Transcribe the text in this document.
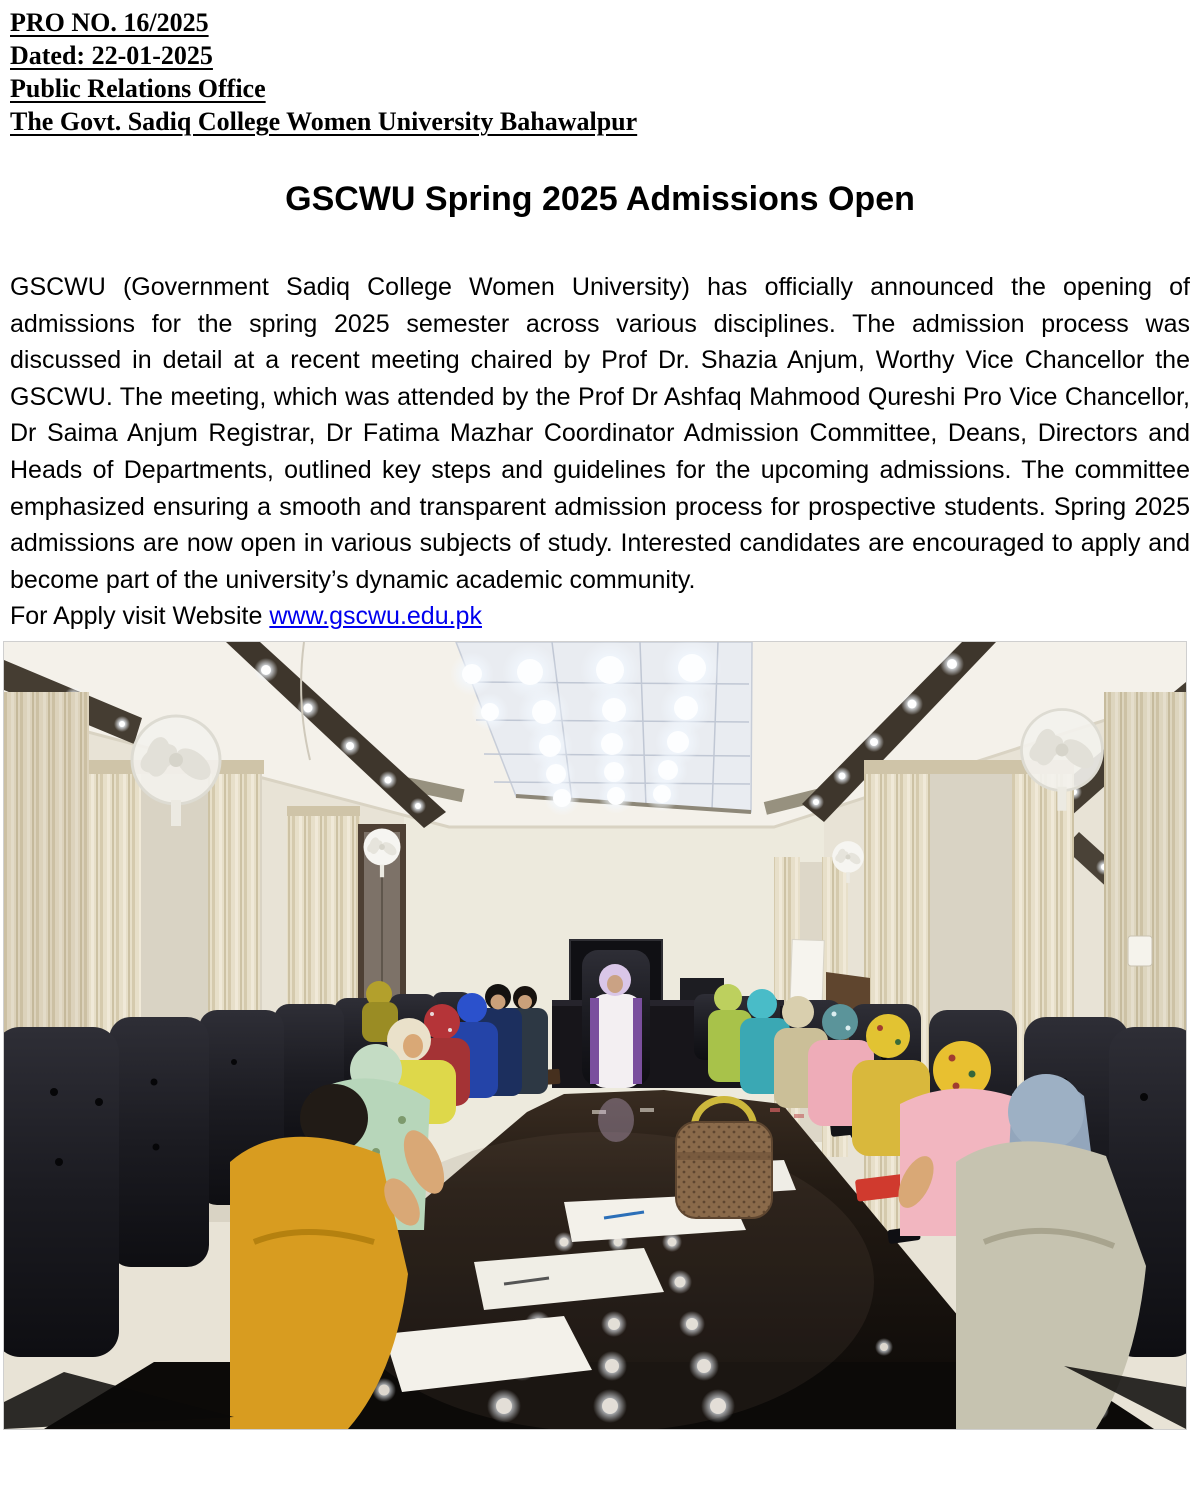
PRO NO. 16/2025
Dated: 22-01-2025
Public Relations Office
The Govt. Sadiq College Women University Bahawalpur
GSCWU Spring 2025 Admissions Open

GSCWU (Government Sadiq College Women University) has officially announced the opening of admissions for the spring 2025 semester across various disciplines. The admission process was discussed in detail at a recent meeting chaired by Prof Dr. Shazia Anjum, Worthy Vice Chancellor the GSCWU. The meeting, which was attended by the Prof Dr Ashfaq Mahmood Qureshi Pro Vice Chancellor, Dr Saima Anjum Registrar, Dr Fatima Mazhar Coordinator Admission Committee, Deans, Directors and Heads of Departments, outlined key steps and guidelines for the upcoming admissions. The committee emphasized ensuring a smooth and transparent admission process for prospective students. Spring 2025 admissions are now open in various subjects of study. Interested candidates are encouraged to apply and become part of the university’s dynamic academic community.

For Apply visit Website www.gscwu.edu.pk
